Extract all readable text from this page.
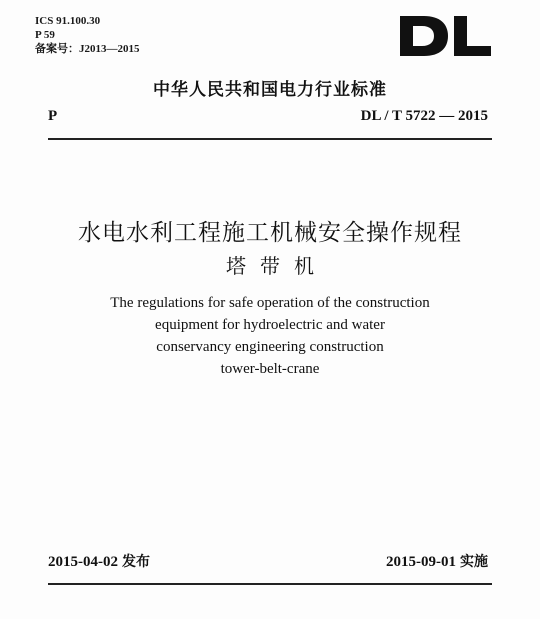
ICS 91.100.30
P 59
备案号：J2013—2015
中华人民共和国电力行业标准
P	DL / T 5722 — 2015
水电水利工程施工机械安全操作规程
塔带机
The regulations for safe operation of the construction
equipment for hydroelectric and water
conservancy engineering construction
tower-belt-crane
2015-04-02 发布	2015-09-01 实施
